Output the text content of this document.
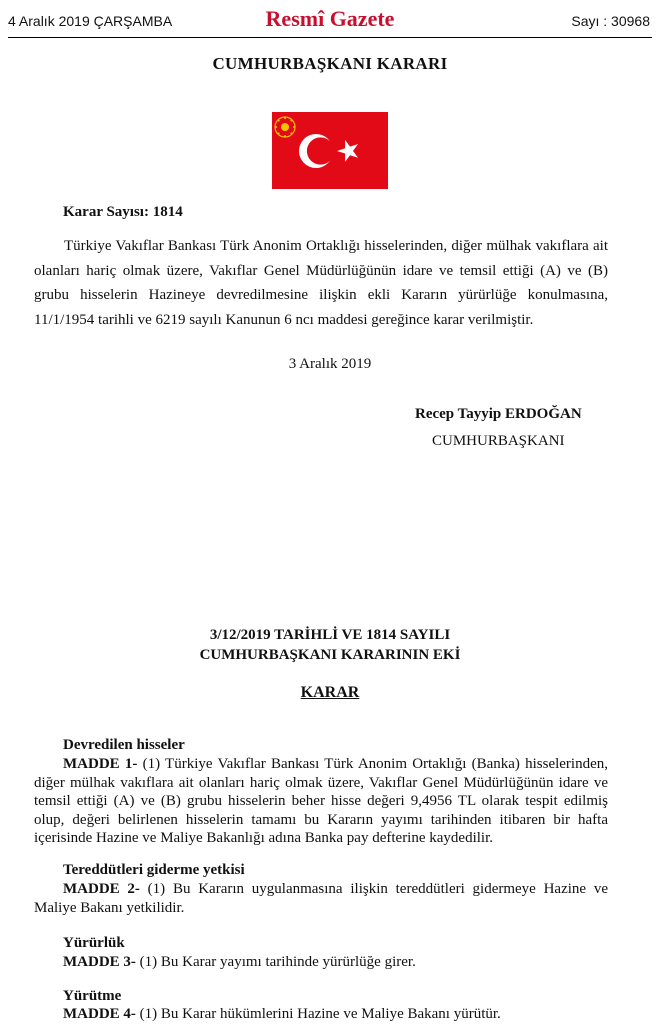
4 Aralık 2019 ÇARŞAMBA	Resmî Gazete	Sayı : 30968
CUMHURBAŞKANI KARARI
Karar Sayısı: 1814
Türkiye Vakıflar Bankası Türk Anonim Ortaklığı hisselerinden, diğer mülhak vakıflara ait olanları hariç olmak üzere, Vakıflar Genel Müdürlüğünün idare ve temsil ettiği (A) ve (B) grubu hisselerin Hazineye devredilmesine ilişkin ekli Kararın yürürlüğe konulmasına, 11/1/1954 tarihli ve 6219 sayılı Kanunun 6 ncı maddesi gereğince karar verilmiştir.
3 Aralık 2019
Recep Tayyip ERDOĞAN
CUMHURBAŞKANI
3/12/2019 TARİHLİ VE 1814 SAYILI
CUMHURBAŞKANI KARARININ EKİ
KARAR
Devredilen hisseler
MADDE 1- (1) Türkiye Vakıflar Bankası Türk Anonim Ortaklığı (Banka) hisselerinden, diğer mülhak vakıflara ait olanları hariç olmak üzere, Vakıflar Genel Müdürlüğünün idare ve temsil ettiği (A) ve (B) grubu hisselerin beher hisse değeri 9,4956 TL olarak tespit edilmiş olup, değeri belirlenen hisselerin tamamı bu Kararın yayımı tarihinden itibaren bir hafta içerisinde Hazine ve Maliye Bakanlığı adına Banka pay defterine kaydedilir.
Tereddütleri giderme yetkisi
MADDE 2- (1) Bu Kararın uygulanmasına ilişkin tereddütleri gidermeye Hazine ve Maliye Bakanı yetkilidir.
Yürürlük
MADDE 3- (1) Bu Karar yayımı tarihinde yürürlüğe girer.
Yürütme
MADDE 4- (1) Bu Karar hükümlerini Hazine ve Maliye Bakanı yürütür.
